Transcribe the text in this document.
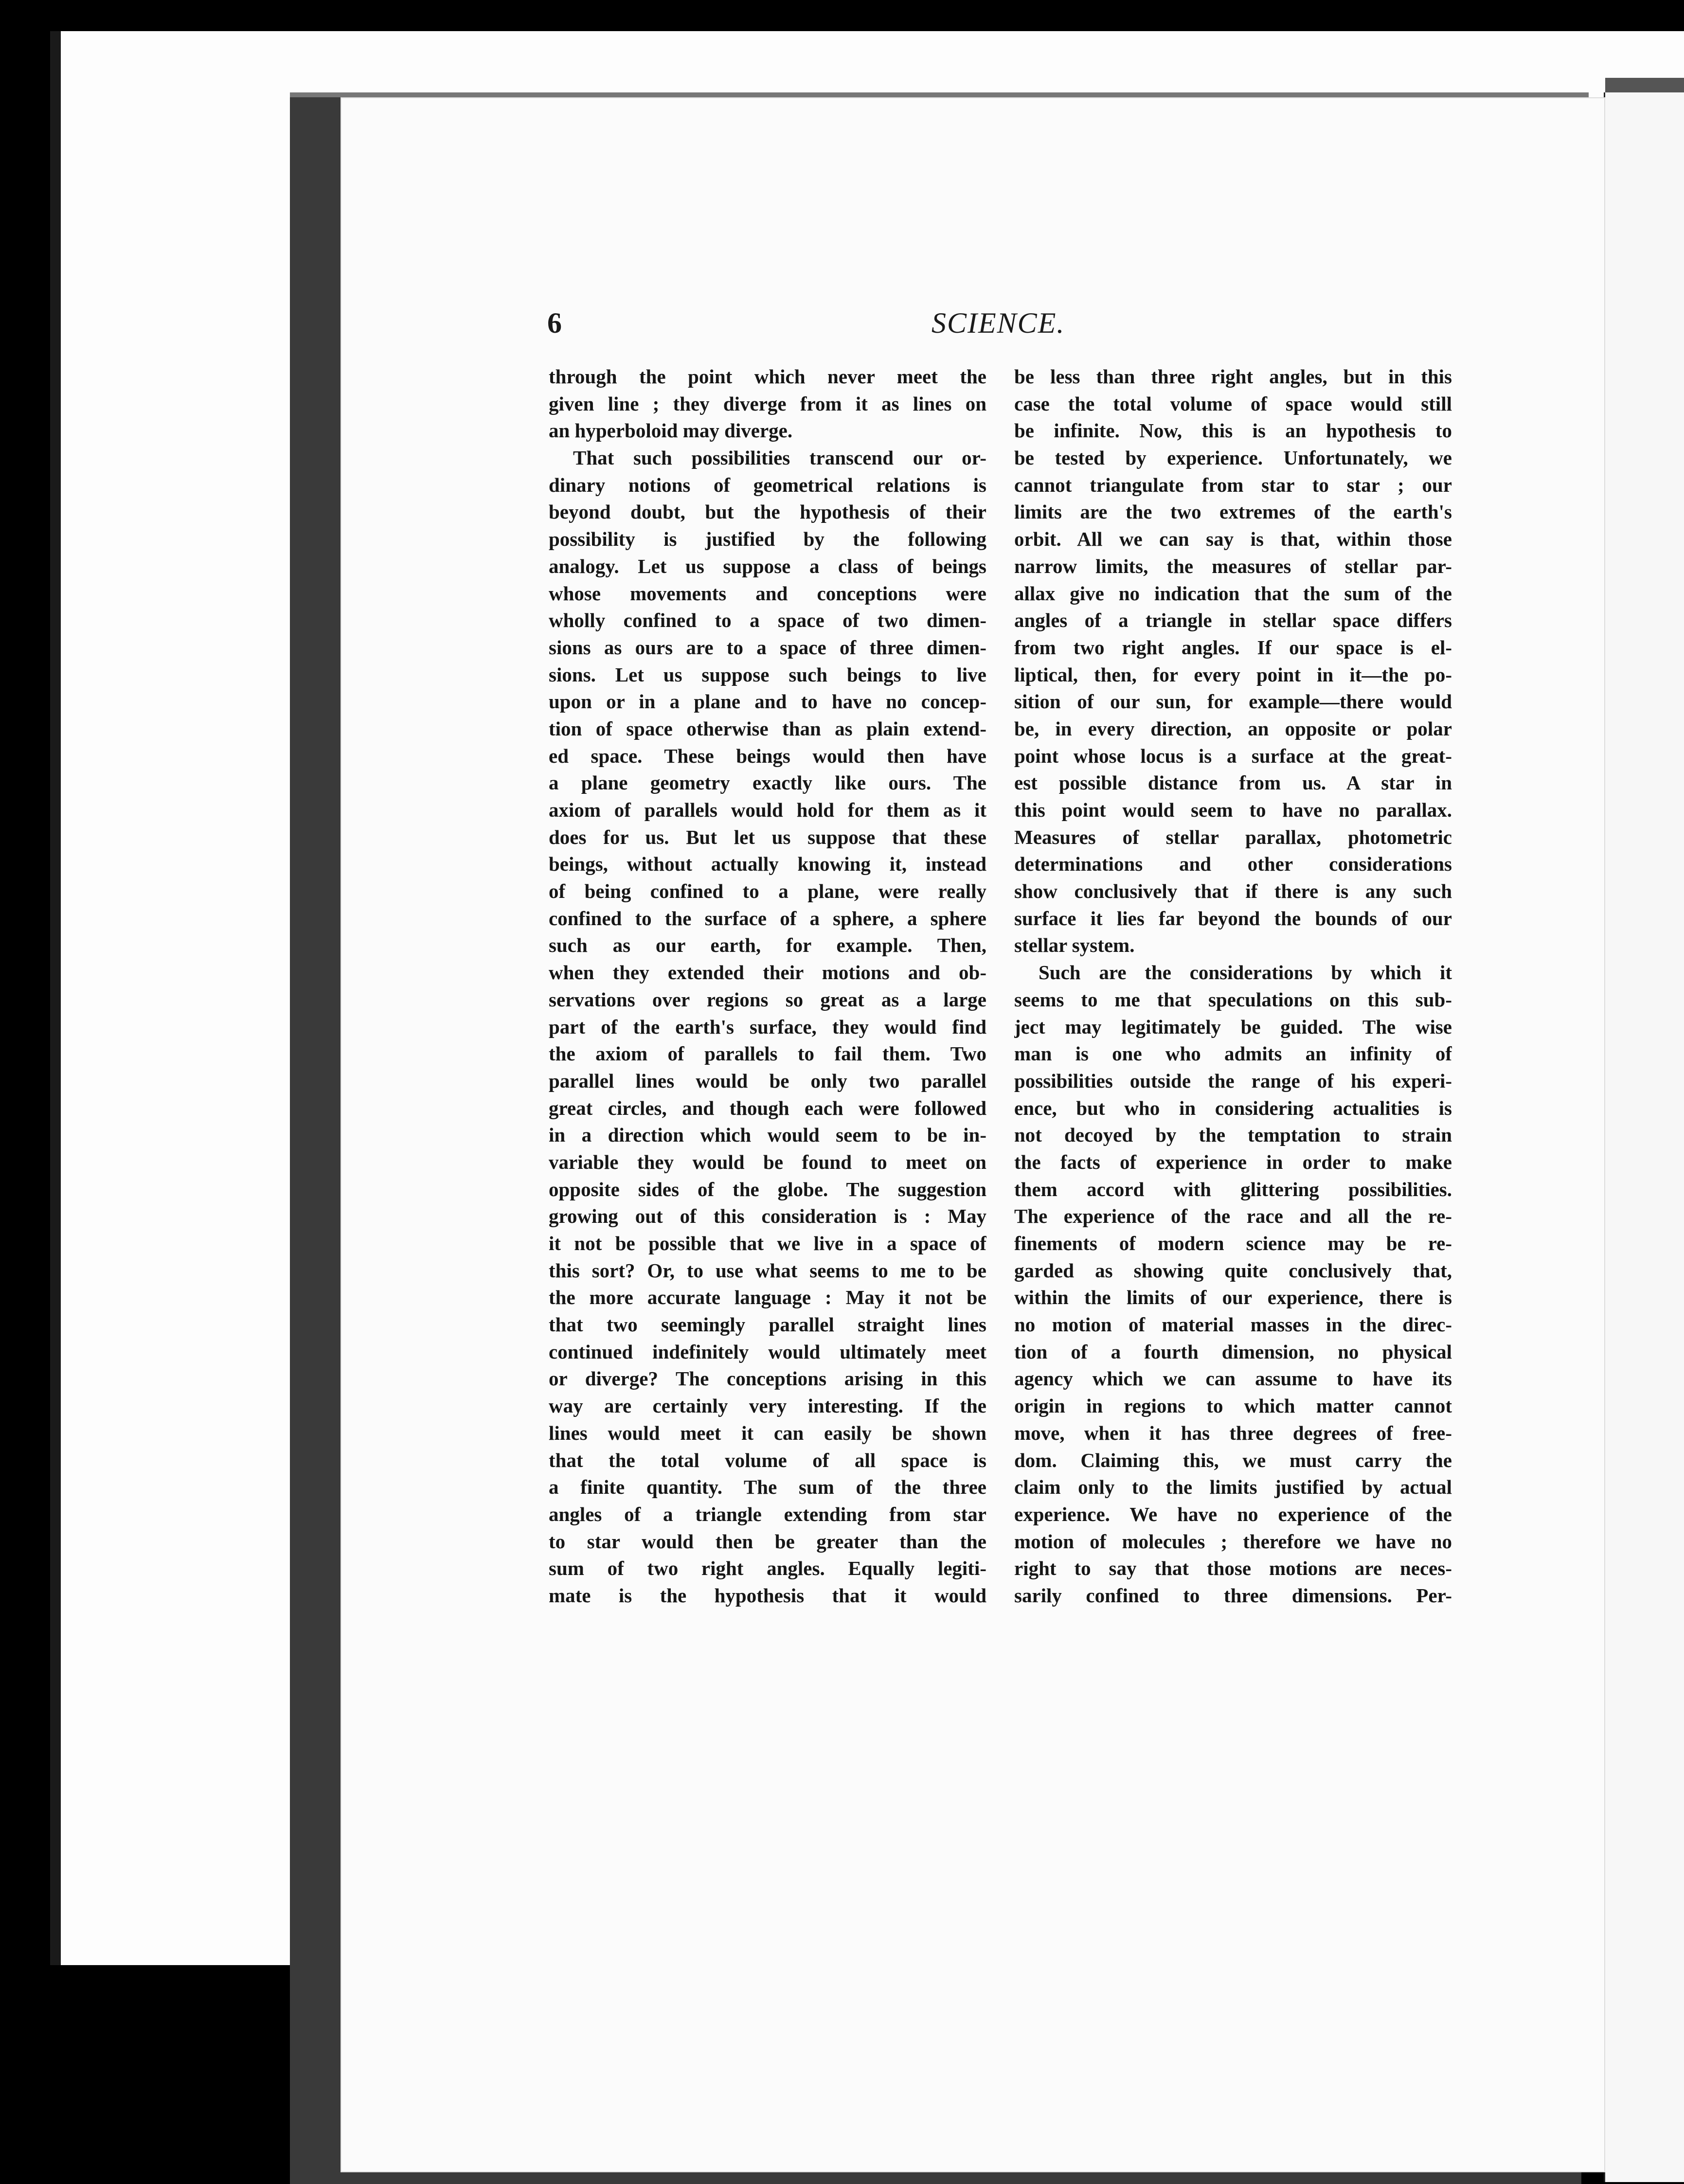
6	SCIENCE.
through the point which never meet the
given line ; they diverge from it as lines on
an hyperboloid may diverge.
That such possibilities transcend our or-
dinary notions of geometrical relations is
beyond doubt, but the hypothesis of their
possibility is justified by the following
analogy. Let us suppose a class of beings
whose movements and conceptions were
wholly confined to a space of two dimen-
sions as ours are to a space of three dimen-
sions. Let us suppose such beings to live
upon or in a plane and to have no concep-
tion of space otherwise than as plain extend-
ed space. These beings would then have
a plane geometry exactly like ours. The
axiom of parallels would hold for them as it
does for us. But let us suppose that these
beings, without actually knowing it, instead
of being confined to a plane, were really
confined to the surface of a sphere, a sphere
such as our earth, for example. Then,
when they extended their motions and ob-
servations over regions so great as a large
part of the earth's surface, they would find
the axiom of parallels to fail them. Two
parallel lines would be only two parallel
great circles, and though each were followed
in a direction which would seem to be in-
variable they would be found to meet on
opposite sides of the globe. The suggestion
growing out of this consideration is : May
it not be possible that we live in a space of
this sort? Or, to use what seems to me to be
the more accurate language : May it not be
that two seemingly parallel straight lines
continued indefinitely would ultimately meet
or diverge? The conceptions arising in this
way are certainly very interesting. If the
lines would meet it can easily be shown
that the total volume of all space is
a finite quantity. The sum of the three
angles of a triangle extending from star
to star would then be greater than the
sum of two right angles. Equally legiti-
mate is the hypothesis that it would
be less than three right angles, but in this
case the total volume of space would still
be infinite. Now, this is an hypothesis to
be tested by experience. Unfortunately, we
cannot triangulate from star to star ; our
limits are the two extremes of the earth's
orbit. All we can say is that, within those
narrow limits, the measures of stellar par-
allax give no indication that the sum of the
angles of a triangle in stellar space differs
from two right angles. If our space is el-
liptical, then, for every point in it—the po-
sition of our sun, for example—there would
be, in every direction, an opposite or polar
point whose locus is a surface at the great-
est possible distance from us. A star in
this point would seem to have no parallax.
Measures of stellar parallax, photometric
determinations and other considerations
show conclusively that if there is any such
surface it lies far beyond the bounds of our
stellar system.
Such are the considerations by which it
seems to me that speculations on this sub-
ject may legitimately be guided. The wise
man is one who admits an infinity of
possibilities outside the range of his experi-
ence, but who in considering actualities is
not decoyed by the temptation to strain
the facts of experience in order to make
them accord with glittering possibilities.
The experience of the race and all the re-
finements of modern science may be re-
garded as showing quite conclusively that,
within the limits of our experience, there is
no motion of material masses in the direc-
tion of a fourth dimension, no physical
agency which we can assume to have its
origin in regions to which matter cannot
move, when it has three degrees of free-
dom. Claiming this, we must carry the
claim only to the limits justified by actual
experience. We have no experience of the
motion of molecules ; therefore we have no
right to say that those motions are neces-
sarily confined to three dimensions. Per-
